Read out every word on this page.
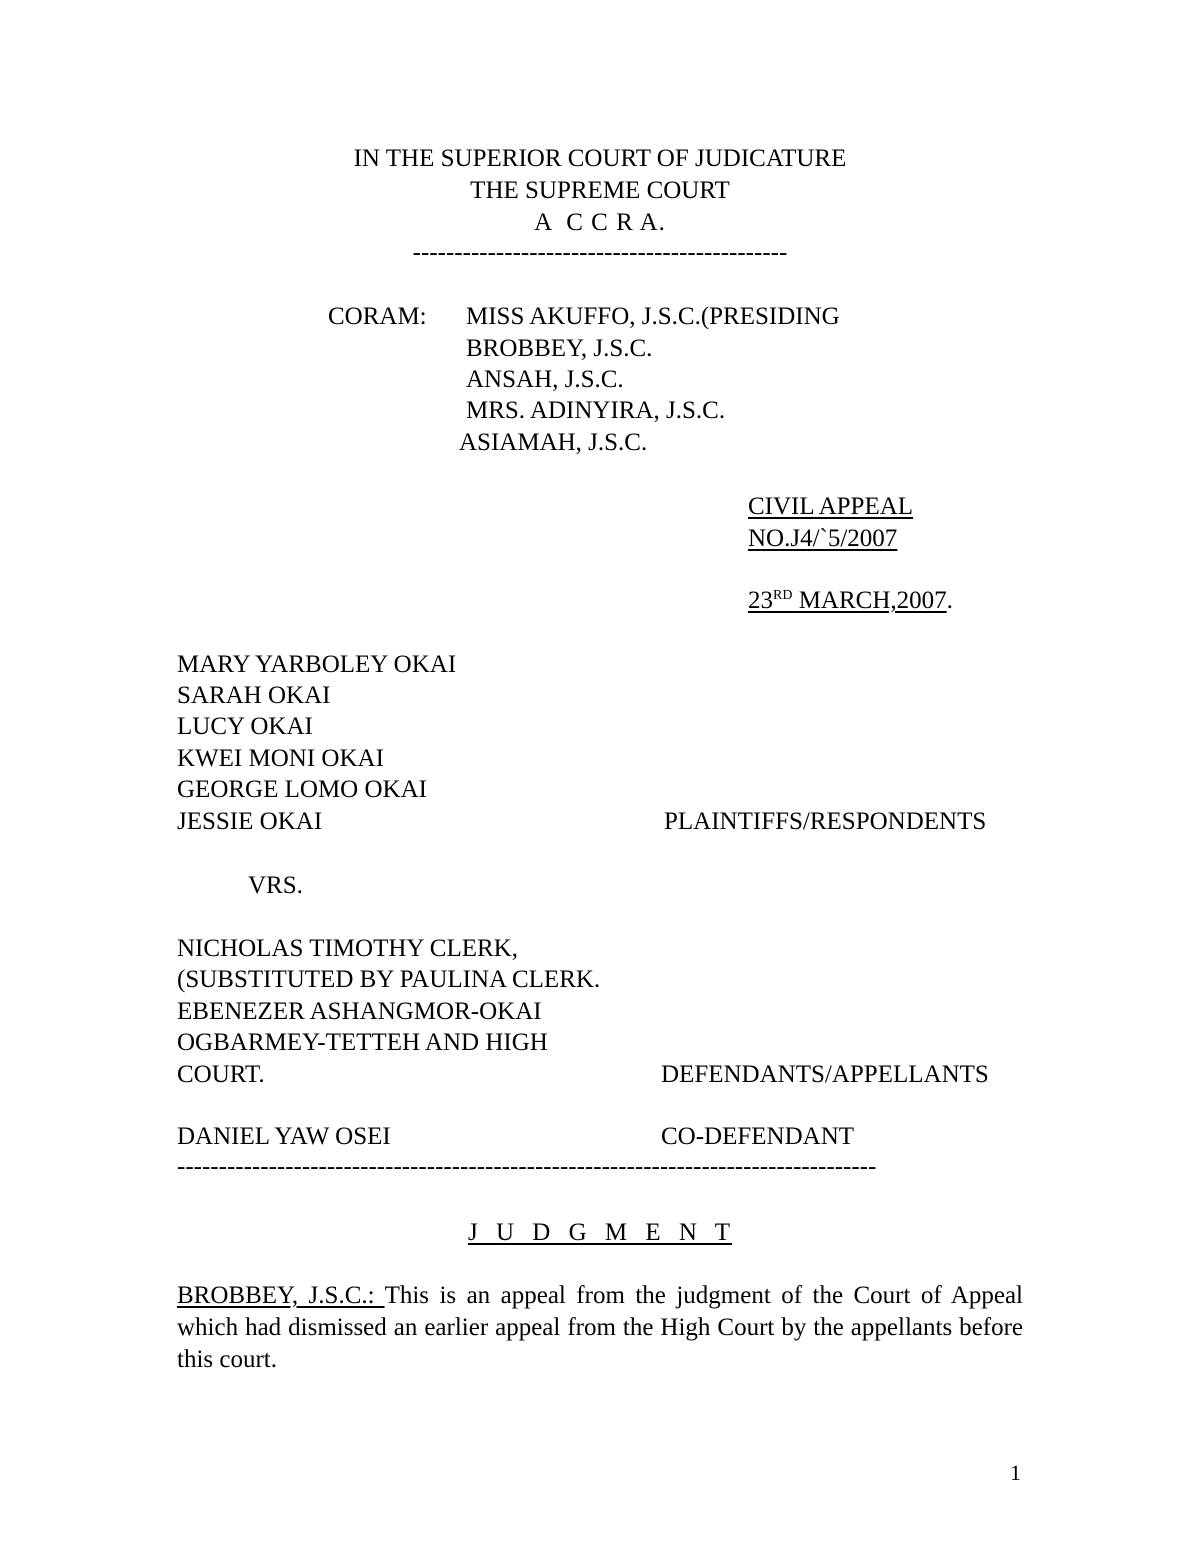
IN THE SUPERIOR COURT OF JUDICATURE
THE SUPREME COURT
A  C C R A.
---------------------------------------------
CORAM: MISS AKUFFO, J.S.C.(PRESIDING
BROBBEY, J.S.C.
ANSAH, J.S.C.
MRS. ADINYIRA, J.S.C.
ASIAMAH, J.S.C.
CIVIL APPEAL
NO.J4/`5/2007
23RD MARCH,2007.
MARY YARBOLEY OKAI
SARAH OKAI
LUCY OKAI
KWEI MONI OKAI
GEORGE LOMO OKAI
JESSIE OKAI	PLAINTIFFS/RESPONDENTS
VRS.
NICHOLAS TIMOTHY CLERK,
(SUBSTITUTED BY PAULINA CLERK.
EBENEZER ASHANGMOR-OKAI
OGBARMEY-TETTEH AND HIGH
COURT.	DEFENDANTS/APPELLANTS
DANIEL YAW OSEI	CO-DEFENDANT
------------------------------------------------------------------------------------
J U D G M E N T
BROBBEY, J.S.C.: This is an appeal from the judgment of the Court of Appeal which had dismissed an earlier appeal from the High Court by the appellants before this court.
1
